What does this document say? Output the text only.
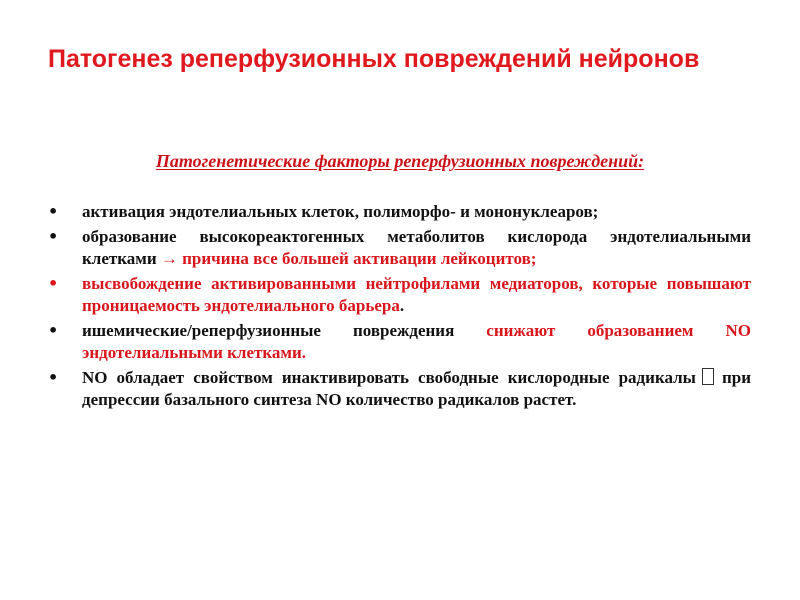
Патогенез реперфузионных повреждений нейронов

Патогенетические факторы реперфузионных повреждений:

• активация эндотелиальных клеток, полиморфо- и мононуклеаров;
• образование высокореактогенных метаболитов кислорода эндотелиальными клетками → причина все большей активации лейкоцитов;
• высвобождение активированными нейтрофилами медиаторов, которые повышают проницаемость эндотелиального барьера.
• ишемические/реперфузионные повреждения снижают образованием NO эндотелиальными клетками.
• NO обладает свойством инактивировать свободные кислородные радикалы при депрессии базального синтеза NO количество радикалов растет.
